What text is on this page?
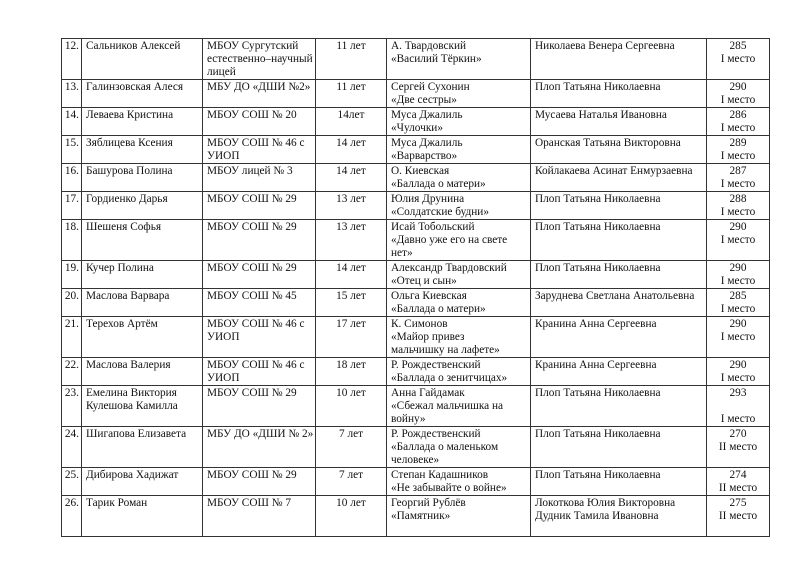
12.	Сальников Алексей	МБОУ Сургутский
естественно–научный
лицей	11 лет	А. Твардовский
«Василий Тёркин»	Николаева Венера Сергеевна	285
I место

13.	Галинзовская Алеся	МБУ ДО «ДШИ №2»	11 лет	Сергей Сухонин
«Две сестры»	Плоп Татьяна Николаевна	290
I место

14.	Леваева Кристина	МБОУ СОШ № 20	14лет	Муса Джалиль
«Чулочки»	Мусаева Наталья Ивановна	286
I место

15.	Зяблицева Ксения	МБОУ СОШ № 46 с
УИОП	14 лет	Муса Джалиль
«Варварство»	Оранская Татьяна Викторовна	289
I место

16.	Башурова Полина	МБОУ лицей № 3	14 лет	О. Киевская
«Баллада о матери»	Койлакаева Асинат Енмурзаевна	287
I место

17.	Гордиенко Дарья	МБОУ СОШ № 29	13 лет	Юлия Друнина
«Солдатские будни»	Плоп Татьяна Николаевна	288
I место

18.	Шешеня Софья	МБОУ СОШ № 29	13 лет	Исай Тобольский
«Давно уже его на свете
нет»	Плоп Татьяна Николаевна	290
I место

19.	Кучер Полина	МБОУ СОШ № 29	14 лет	Александр Твардовский
«Отец и сын»	Плоп Татьяна Николаевна	290
I место

20.	Маслова Варвара	МБОУ СОШ № 45	15 лет	Ольга Киевская
«Баллада о матери»	Заруднева Светлана Анатольевна	285
I место

21.	Терехов Артём	МБОУ СОШ № 46 с
УИОП	17 лет	К. Симонов
«Майор привез
мальчишку на лафете»	Кранина Анна Сергеевна	290
I место

22.	Маслова Валерия	МБОУ СОШ № 46 с
УИОП	18 лет	Р. Рождественский
«Баллада о зенитчицах»	Кранина Анна Сергеевна	290
I место

23.	Емелина Виктория
Кулешова Камилла	МБОУ СОШ № 29	10 лет	Анна Гайдамак
«Сбежал мальчишка на
войну»	Плоп Татьяна Николаевна	293
I место

24.	Шигапова Елизавета	МБУ ДО «ДШИ № 2»	7 лет	Р. Рождественский
«Баллада о маленьком
человеке»	Плоп Татьяна Николаевна	270
II место

25.	Дибирова Хадижат	МБОУ СОШ № 29	7 лет	Степан Кадашников
«Не забывайте о войне»	Плоп Татьяна Николаевна	274
II место

26.	Тарик Роман	МБОУ СОШ № 7	10 лет	Георгий Рублёв
«Памятник»	Локоткова Юлия Викторовна
Дудник Тамила Ивановна	275
II место
